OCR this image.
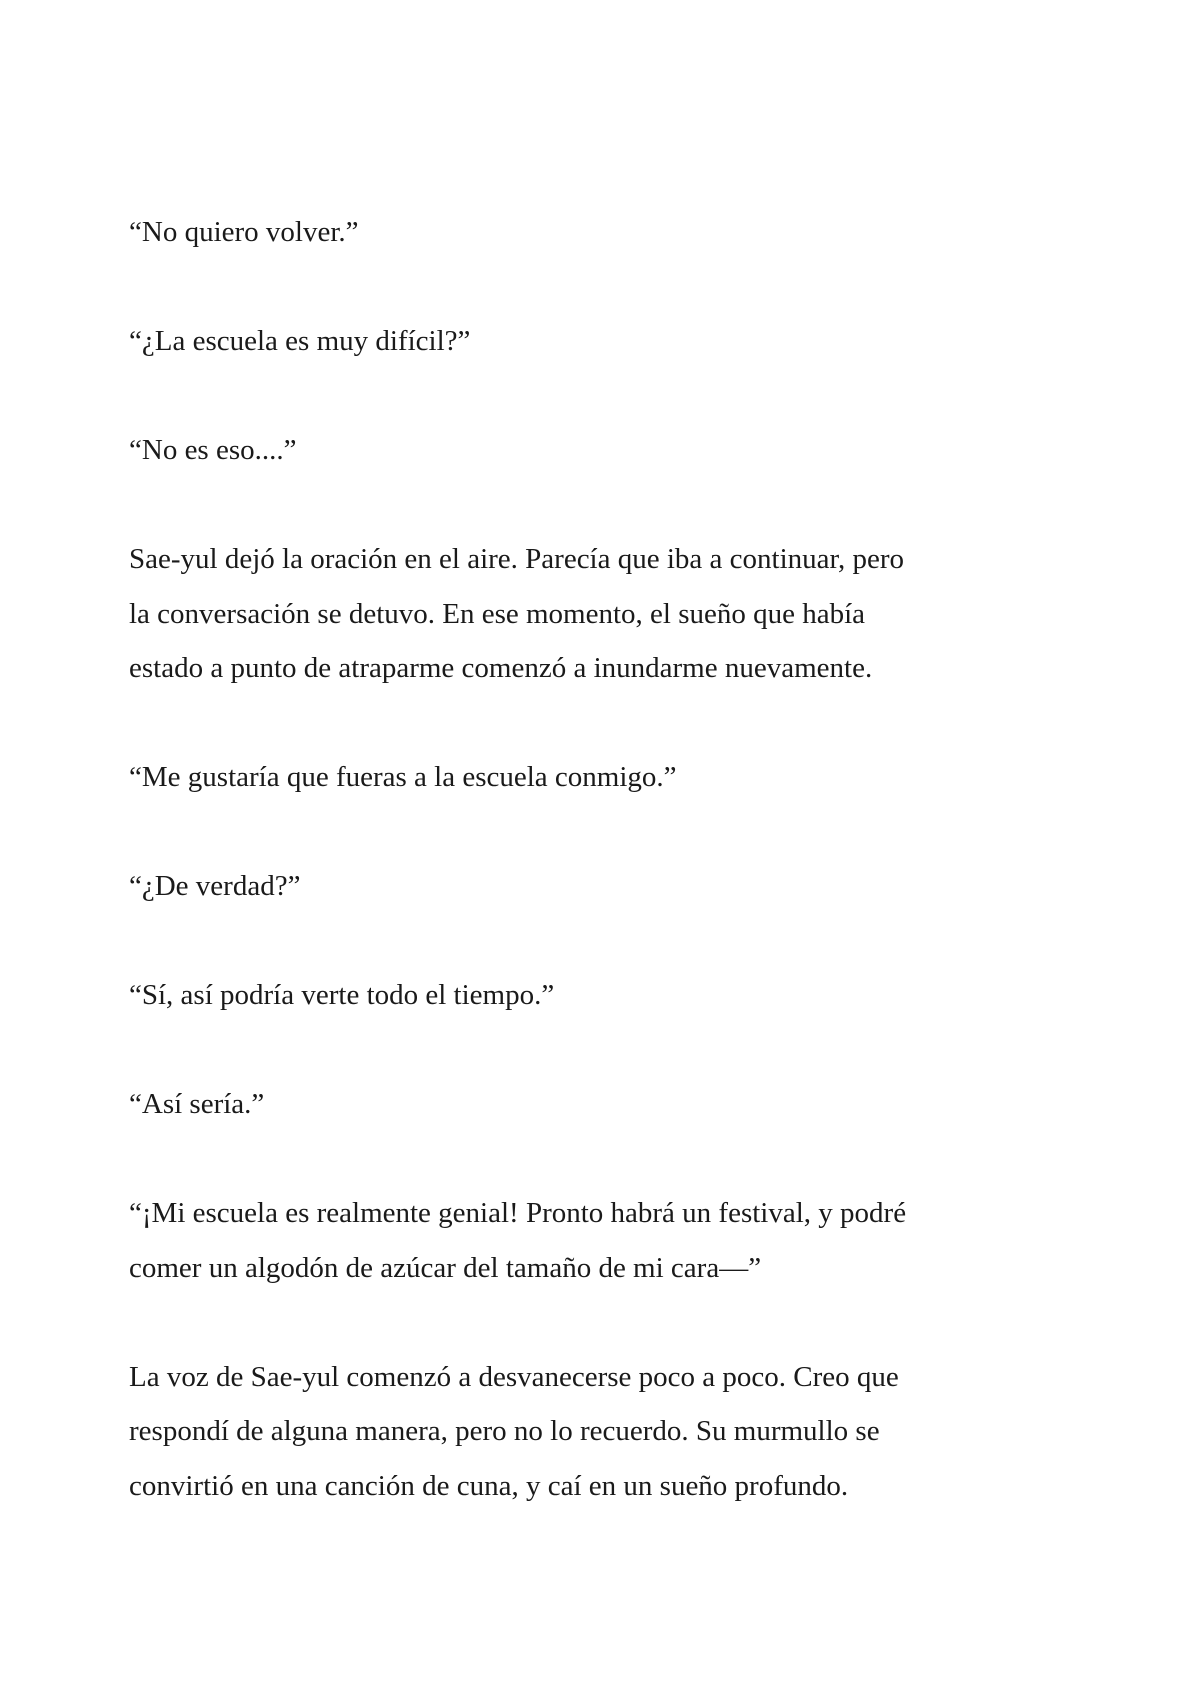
“No quiero volver.”

“¿La escuela es muy difícil?”

“No es eso....”

Sae-yul dejó la oración en el aire. Parecía que iba a continuar, pero
la conversación se detuvo. En ese momento, el sueño que había
estado a punto de atraparme comenzó a inundarme nuevamente.

“Me gustaría que fueras a la escuela conmigo.”

“¿De verdad?”

“Sí, así podría verte todo el tiempo.”

“Así sería.”

“¡Mi escuela es realmente genial! Pronto habrá un festival, y podré
comer un algodón de azúcar del tamaño de mi cara—”

La voz de Sae-yul comenzó a desvanecerse poco a poco. Creo que
respondí de alguna manera, pero no lo recuerdo. Su murmullo se
convirtió en una canción de cuna, y caí en un sueño profundo.
